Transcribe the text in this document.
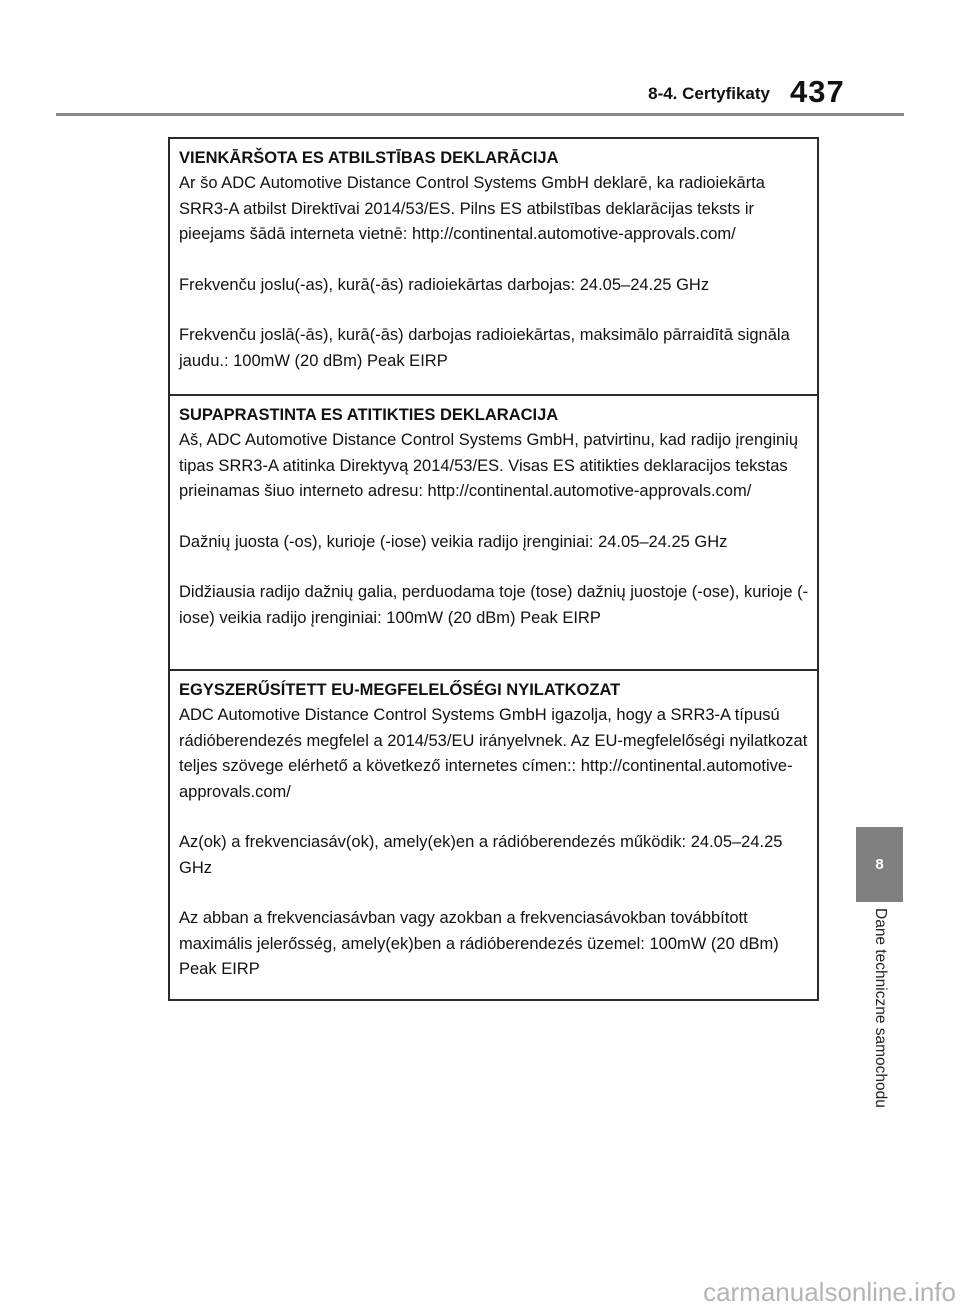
8-4. Certyfikaty 437
VIENKĀRŠOTA ES ATBILSTĪBAS DEKLARĀCIJA

Ar šo ADC Automotive Distance Control Systems GmbH deklarē, ka radioiekārta SRR3-A atbilst Direktīvai 2014/53/ES. Pilns ES atbilstības deklarācijas teksts ir pieejams šādā interneta vietnē: http://continental.automotive-approvals.com/

Frekvenču joslu(-as), kurā(-ās) radioiekārtas darbojas: 24.05–24.25 GHz

Frekvenču joslā(-ās), kurā(-ās) darbojas radioiekārtas, maksimālo pārraidītā signāla jaudu.: 100mW (20 dBm) Peak EIRP

SUPAPRASTINTA ES ATITIKTIES DEKLARACIJA

Aš, ADC Automotive Distance Control Systems GmbH, patvirtinu, kad radijo įrenginių tipas SRR3-A atitinka Direktyvą 2014/53/ES. Visas ES atitikties deklaracijos tekstas prieinamas šiuo interneto adresu: http://continental.automotive-approvals.com/

Dažnių juosta (-os), kurioje (-iose) veikia radijo įrenginiai: 24.05–24.25 GHz

Didžiausia radijo dažnių galia, perduodama toje (tose) dažnių juostoje (-ose), kurioje (-iose) veikia radijo įrenginiai: 100mW (20 dBm) Peak EIRP

EGYSZERŰSÍTETT EU-MEGFELELŐSÉGI NYILATKOZAT

ADC Automotive Distance Control Systems GmbH igazolja, hogy a SRR3-A típusú rádióberendezés megfelel a 2014/53/EU irányelvnek. Az EU-megfelelőségi nyilatkozat teljes szövege elérhető a következő internetes címen:: http://continental.automotive-approvals.com/

Az(ok) a frekvenciasáv(ok), amely(ek)en a rádióberendezés működik: 24.05–24.25 GHz

Az abban a frekvenciasávban vagy azokban a frekvenciasávokban továbbított maximális jelerősség, amely(ek)ben a rádióberendezés üzemel: 100mW (20 dBm) Peak EIRP

8
Dane techniczne samochodu
carmanualsonline.info
